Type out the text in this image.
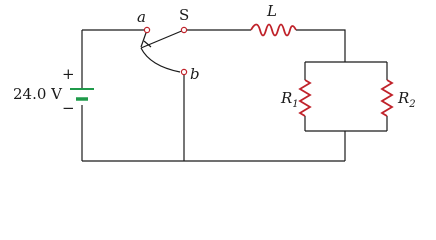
+
−
24.0 V
a S
b
L
$R_1$	$R_2$
